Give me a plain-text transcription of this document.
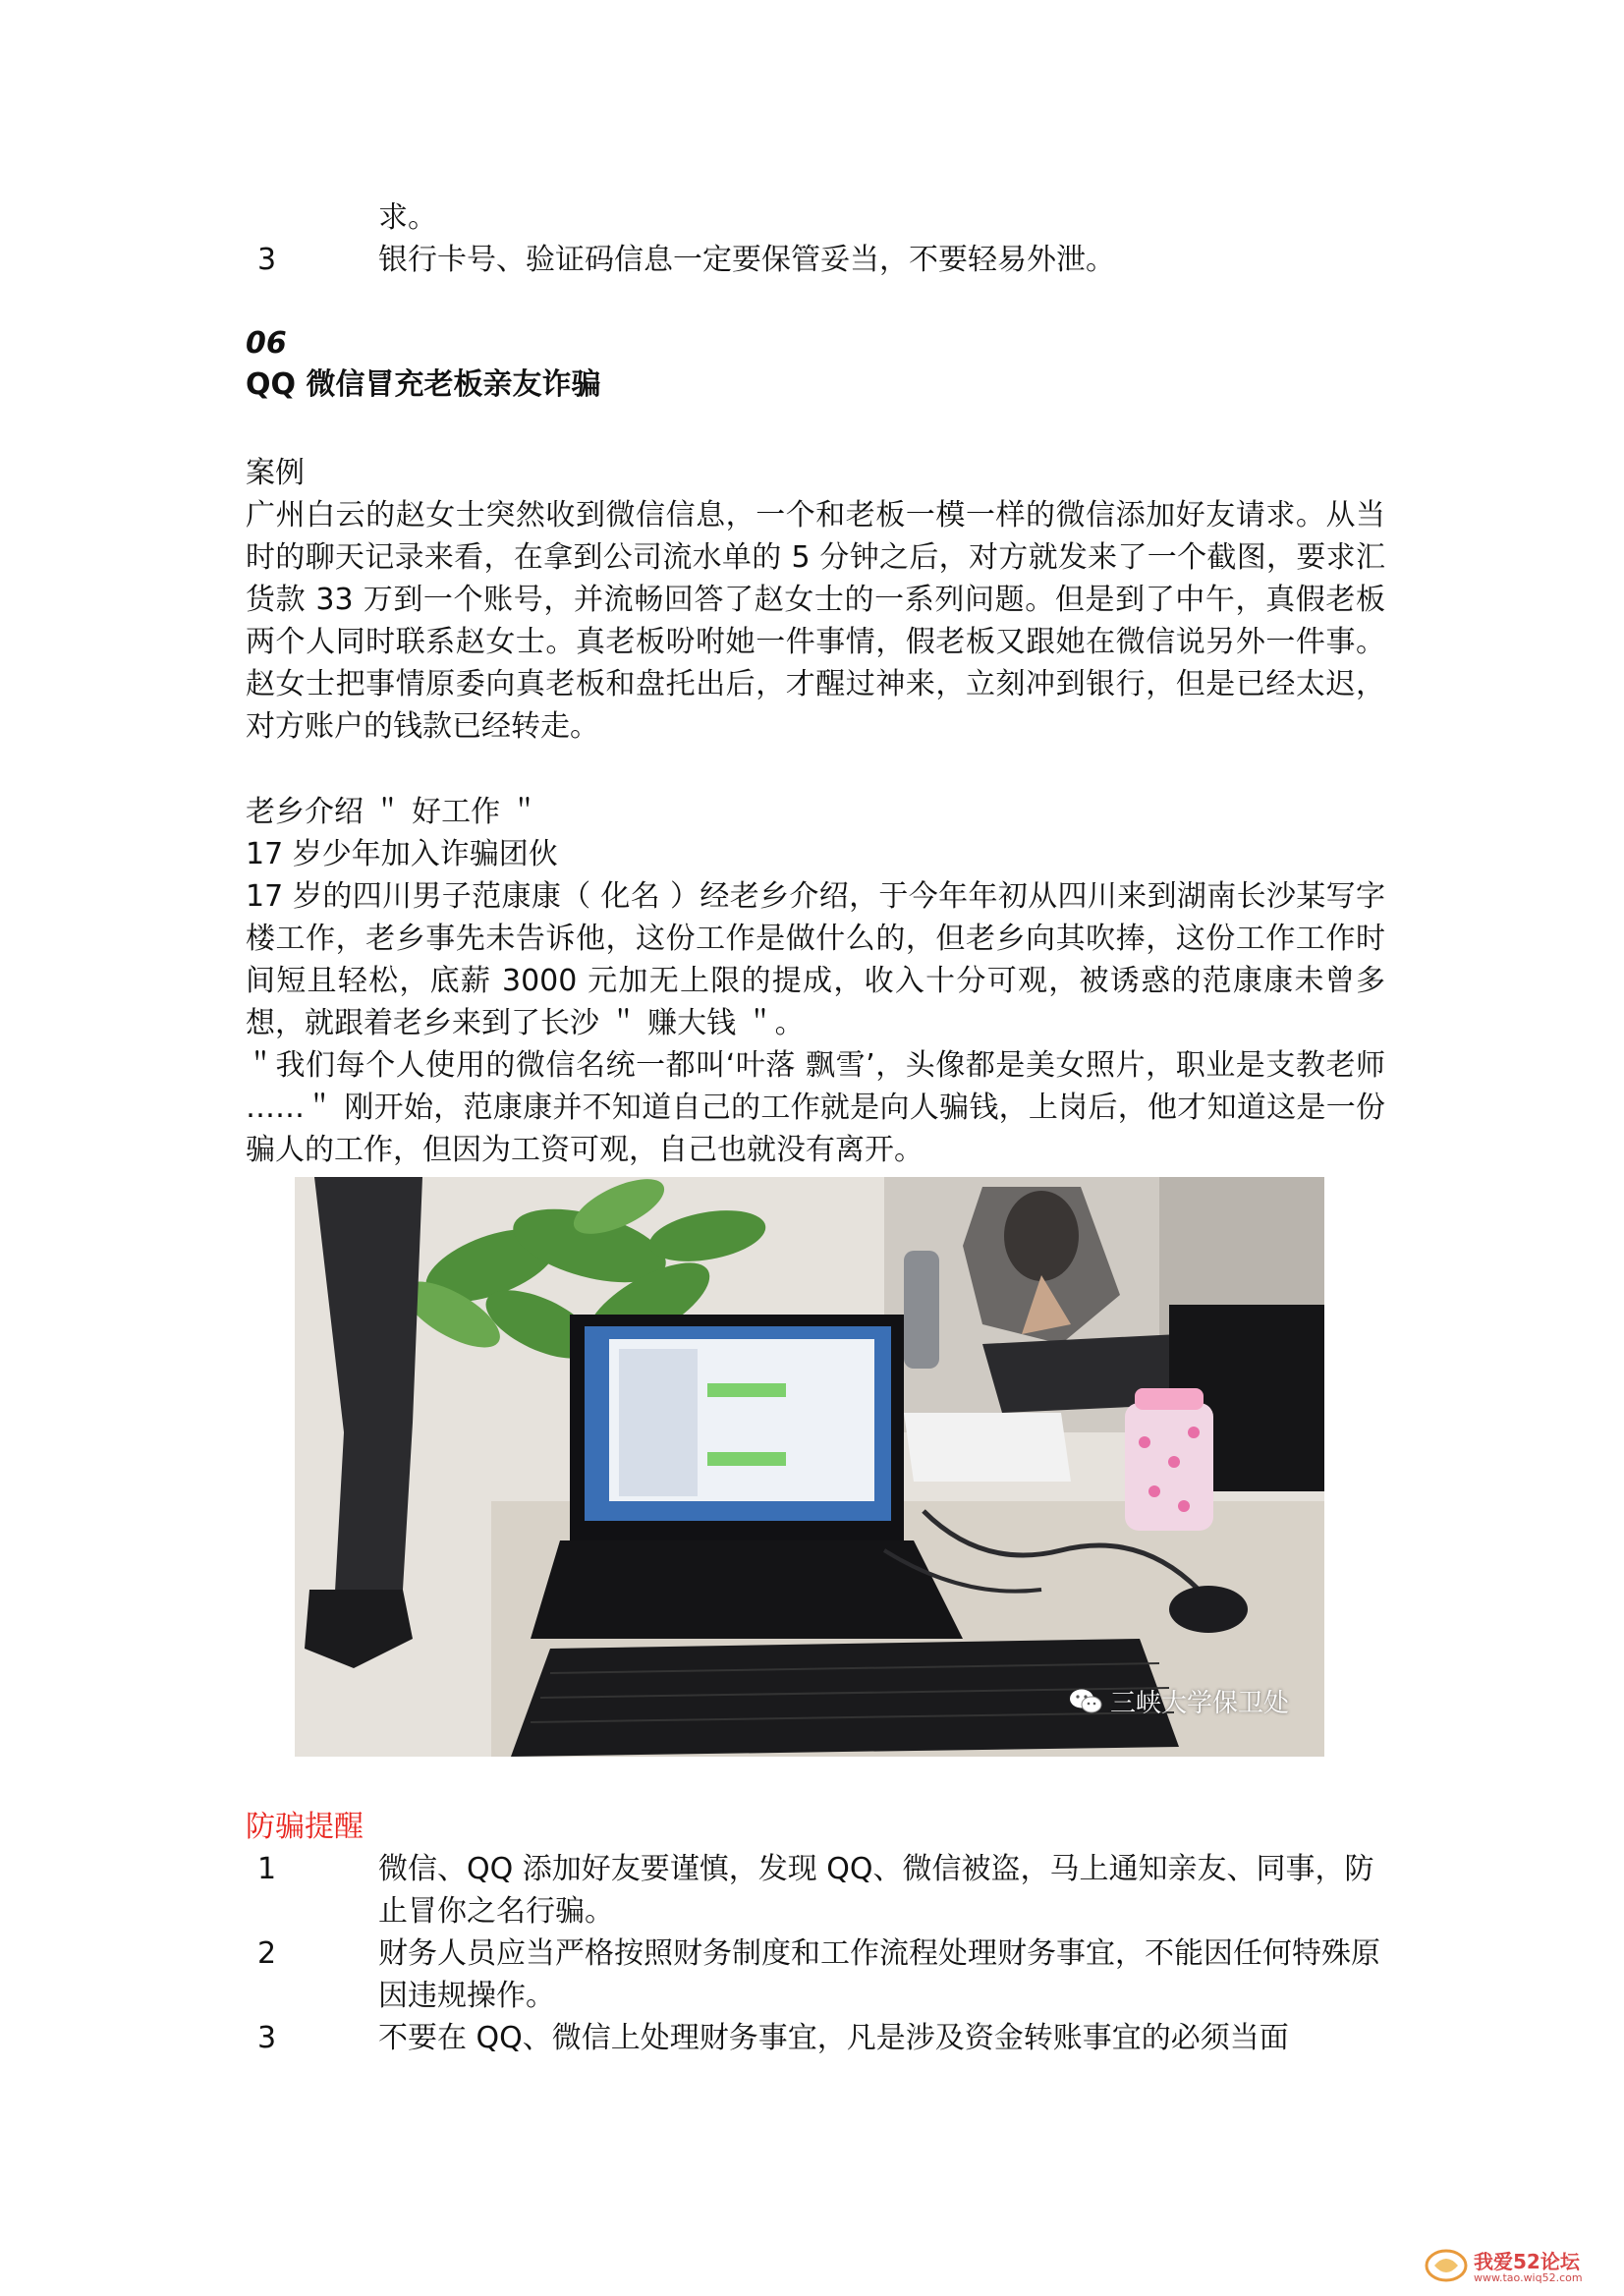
求。
3	银行卡号、验证码信息一定要保管妥当，不要轻易外泄。
06
QQ 微信冒充老板亲友诈骗
案例
广州白云的赵女士突然收到微信信息，一个和老板一模一样的微信添加好友请求。从当时的聊天记录来看，在拿到公司流水单的 5 分钟之后，对方就发来了一个截图，要求汇货款 33 万到一个账号，并流畅回答了赵女士的一系列问题。但是到了中午，真假老板两个人同时联系赵女士。真老板吩咐她一件事情，假老板又跟她在微信说另外一件事。赵女士把事情原委向真老板和盘托出后，才醒过神来，立刻冲到银行，但是已经太迟，对方账户的钱款已经转走。
老乡介绍 ＂ 好工作 ＂
17 岁少年加入诈骗团伙
17 岁的四川男子范康康（ 化名 ）经老乡介绍，于今年年初从四川来到湖南长沙某写字楼工作，老乡事先未告诉他，这份工作是做什么的，但老乡向其吹捧，这份工作工作时间短且轻松，底薪 3000 元加无上限的提成，收入十分可观，被诱惑的范康康未曾多想，就跟着老乡来到了长沙 ＂ 赚大钱 ＂。
＂我们每个人使用的微信名统一都叫‘叶落 飘雪’，头像都是美女照片，职业是支教老师 ……＂ 刚开始，范康康并不知道自己的工作就是向人骗钱，上岗后，他才知道这是一份骗人的工作，但因为工资可观，自己也就没有离开。
三峡大学保卫处
防骗提醒
1	微信、QQ 添加好友要谨慎，发现 QQ、微信被盗，马上通知亲友、同事，防止冒你之名行骗。
2	财务人员应当严格按照财务制度和工作流程处理财务事宜，不能因任何特殊原因违规操作。
3	不要在 QQ、微信上处理财务事宜，凡是涉及资金转账事宜的必须当面
我爱52论坛
www.tao.wiq52.com
